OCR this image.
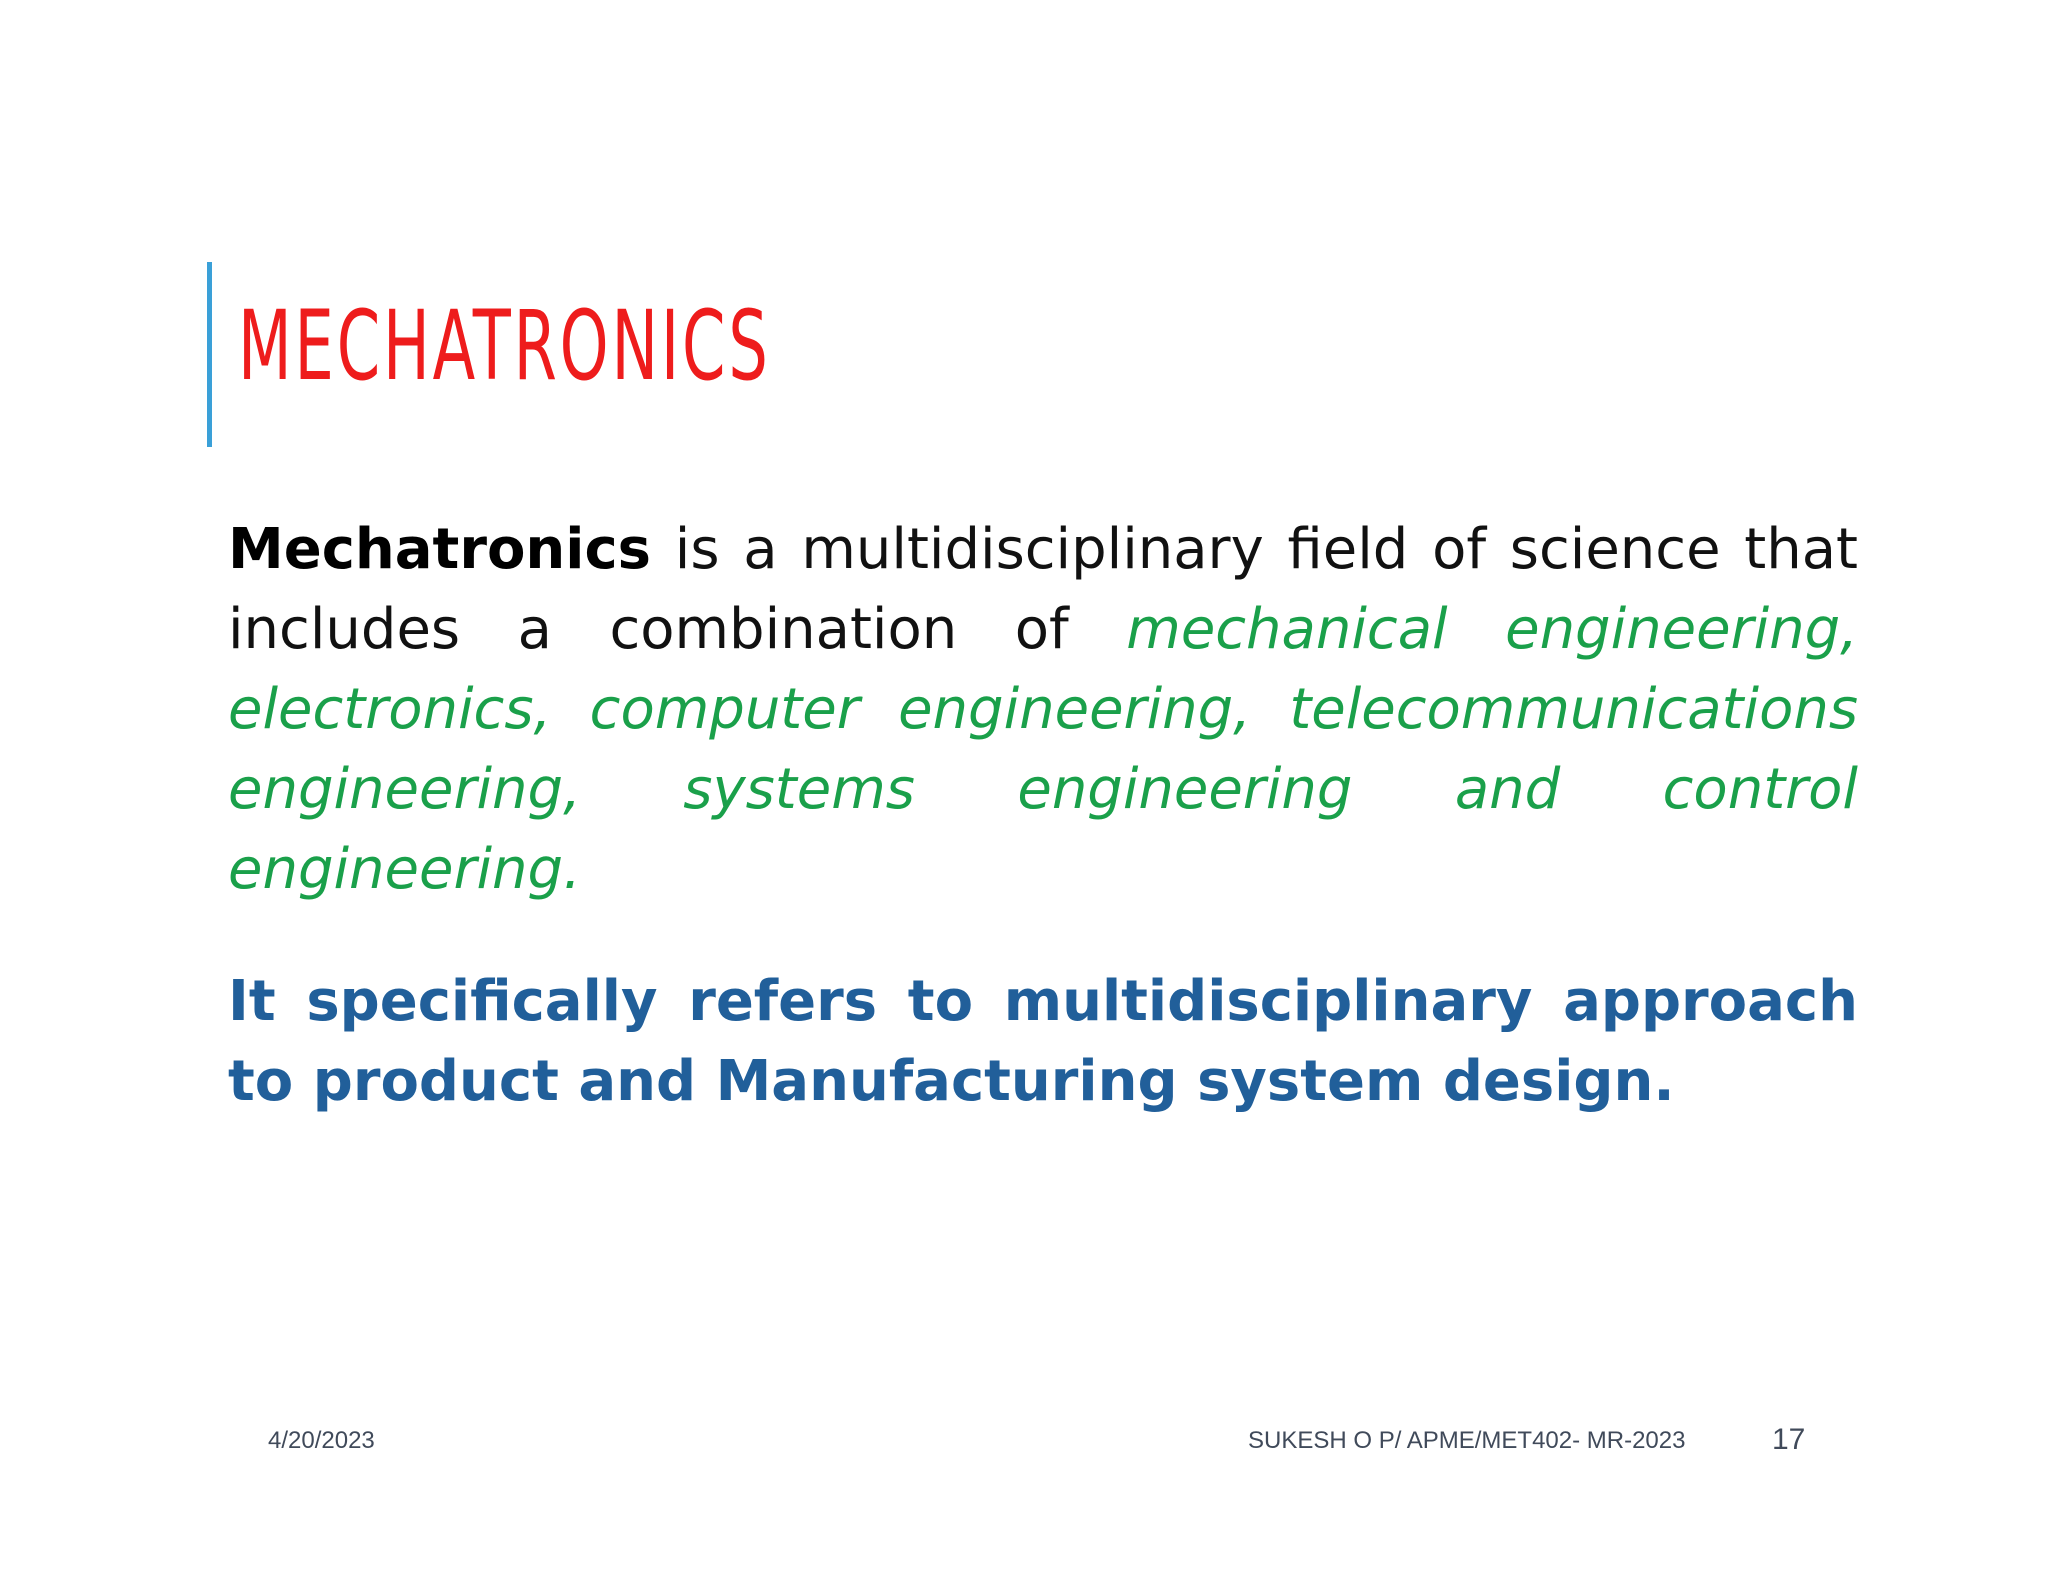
MECHATRONICS

Mechatronics is a multidisciplinary field of science that includes a combination of mechanical engineering, electronics, computer engineering, telecommunications engineering, systems engineering and control engineering.

It specifically refers to multidisciplinary approach to product and Manufacturing system design.

4/20/2023	SUKESH O P/ APME/MET402- MR-2023	17
